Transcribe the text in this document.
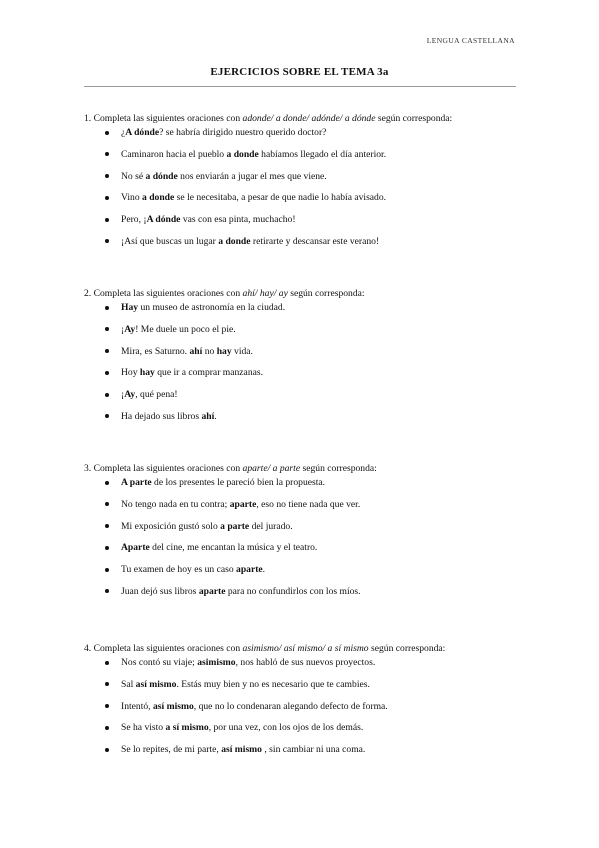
LENGUA CASTELLANA
EJERCICIOS SOBRE EL TEMA 3a
1. Completa las siguientes oraciones con adonde/ a donde/ adónde/ a dónde según corresponda:
¿A dónde? se habría dirigido nuestro querido doctor?
Caminaron hacia el pueblo a donde habíamos llegado el día anterior.
No sé a dónde nos enviarán a jugar el mes que viene.
Vino a donde se le necesitaba, a pesar de que nadie lo había avisado.
Pero, ¡A dónde vas con esa pinta, muchacho!
¡Así que buscas un lugar a donde retirarte y descansar este verano!
2. Completa las siguientes oraciones con ahí/ hay/ ay según corresponda:
Hay un museo de astronomía en la ciudad.
¡Ay! Me duele un poco el pie.
Mira, es Saturno. ahí no hay vida.
Hoy hay que ir a comprar manzanas.
¡Ay, qué pena!
Ha dejado sus libros ahí.
3. Completa las siguientes oraciones con aparte/ a parte según corresponda:
A parte de los presentes le pareció bien la propuesta.
No tengo nada en tu contra; aparte, eso no tiene nada que ver.
Mi exposición gustó solo a parte del jurado.
Aparte del cine, me encantan la música y el teatro.
Tu examen de hoy es un caso aparte.
Juan dejó sus libros aparte para no confundirlos con los míos.
4. Completa las siguientes oraciones con asimismo/ así mismo/ a sí mismo según corresponda:
Nos contó su viaje; asimismo, nos habló de sus nuevos proyectos.
Sal así mismo. Estás muy bien y no es necesario que te cambies.
Intentó, así mismo, que no lo condenaran alegando defecto de forma.
Se ha visto a sí mismo, por una vez, con los ojos de los demás.
Se lo repites, de mi parte, así mismo , sin cambiar ni una coma.
